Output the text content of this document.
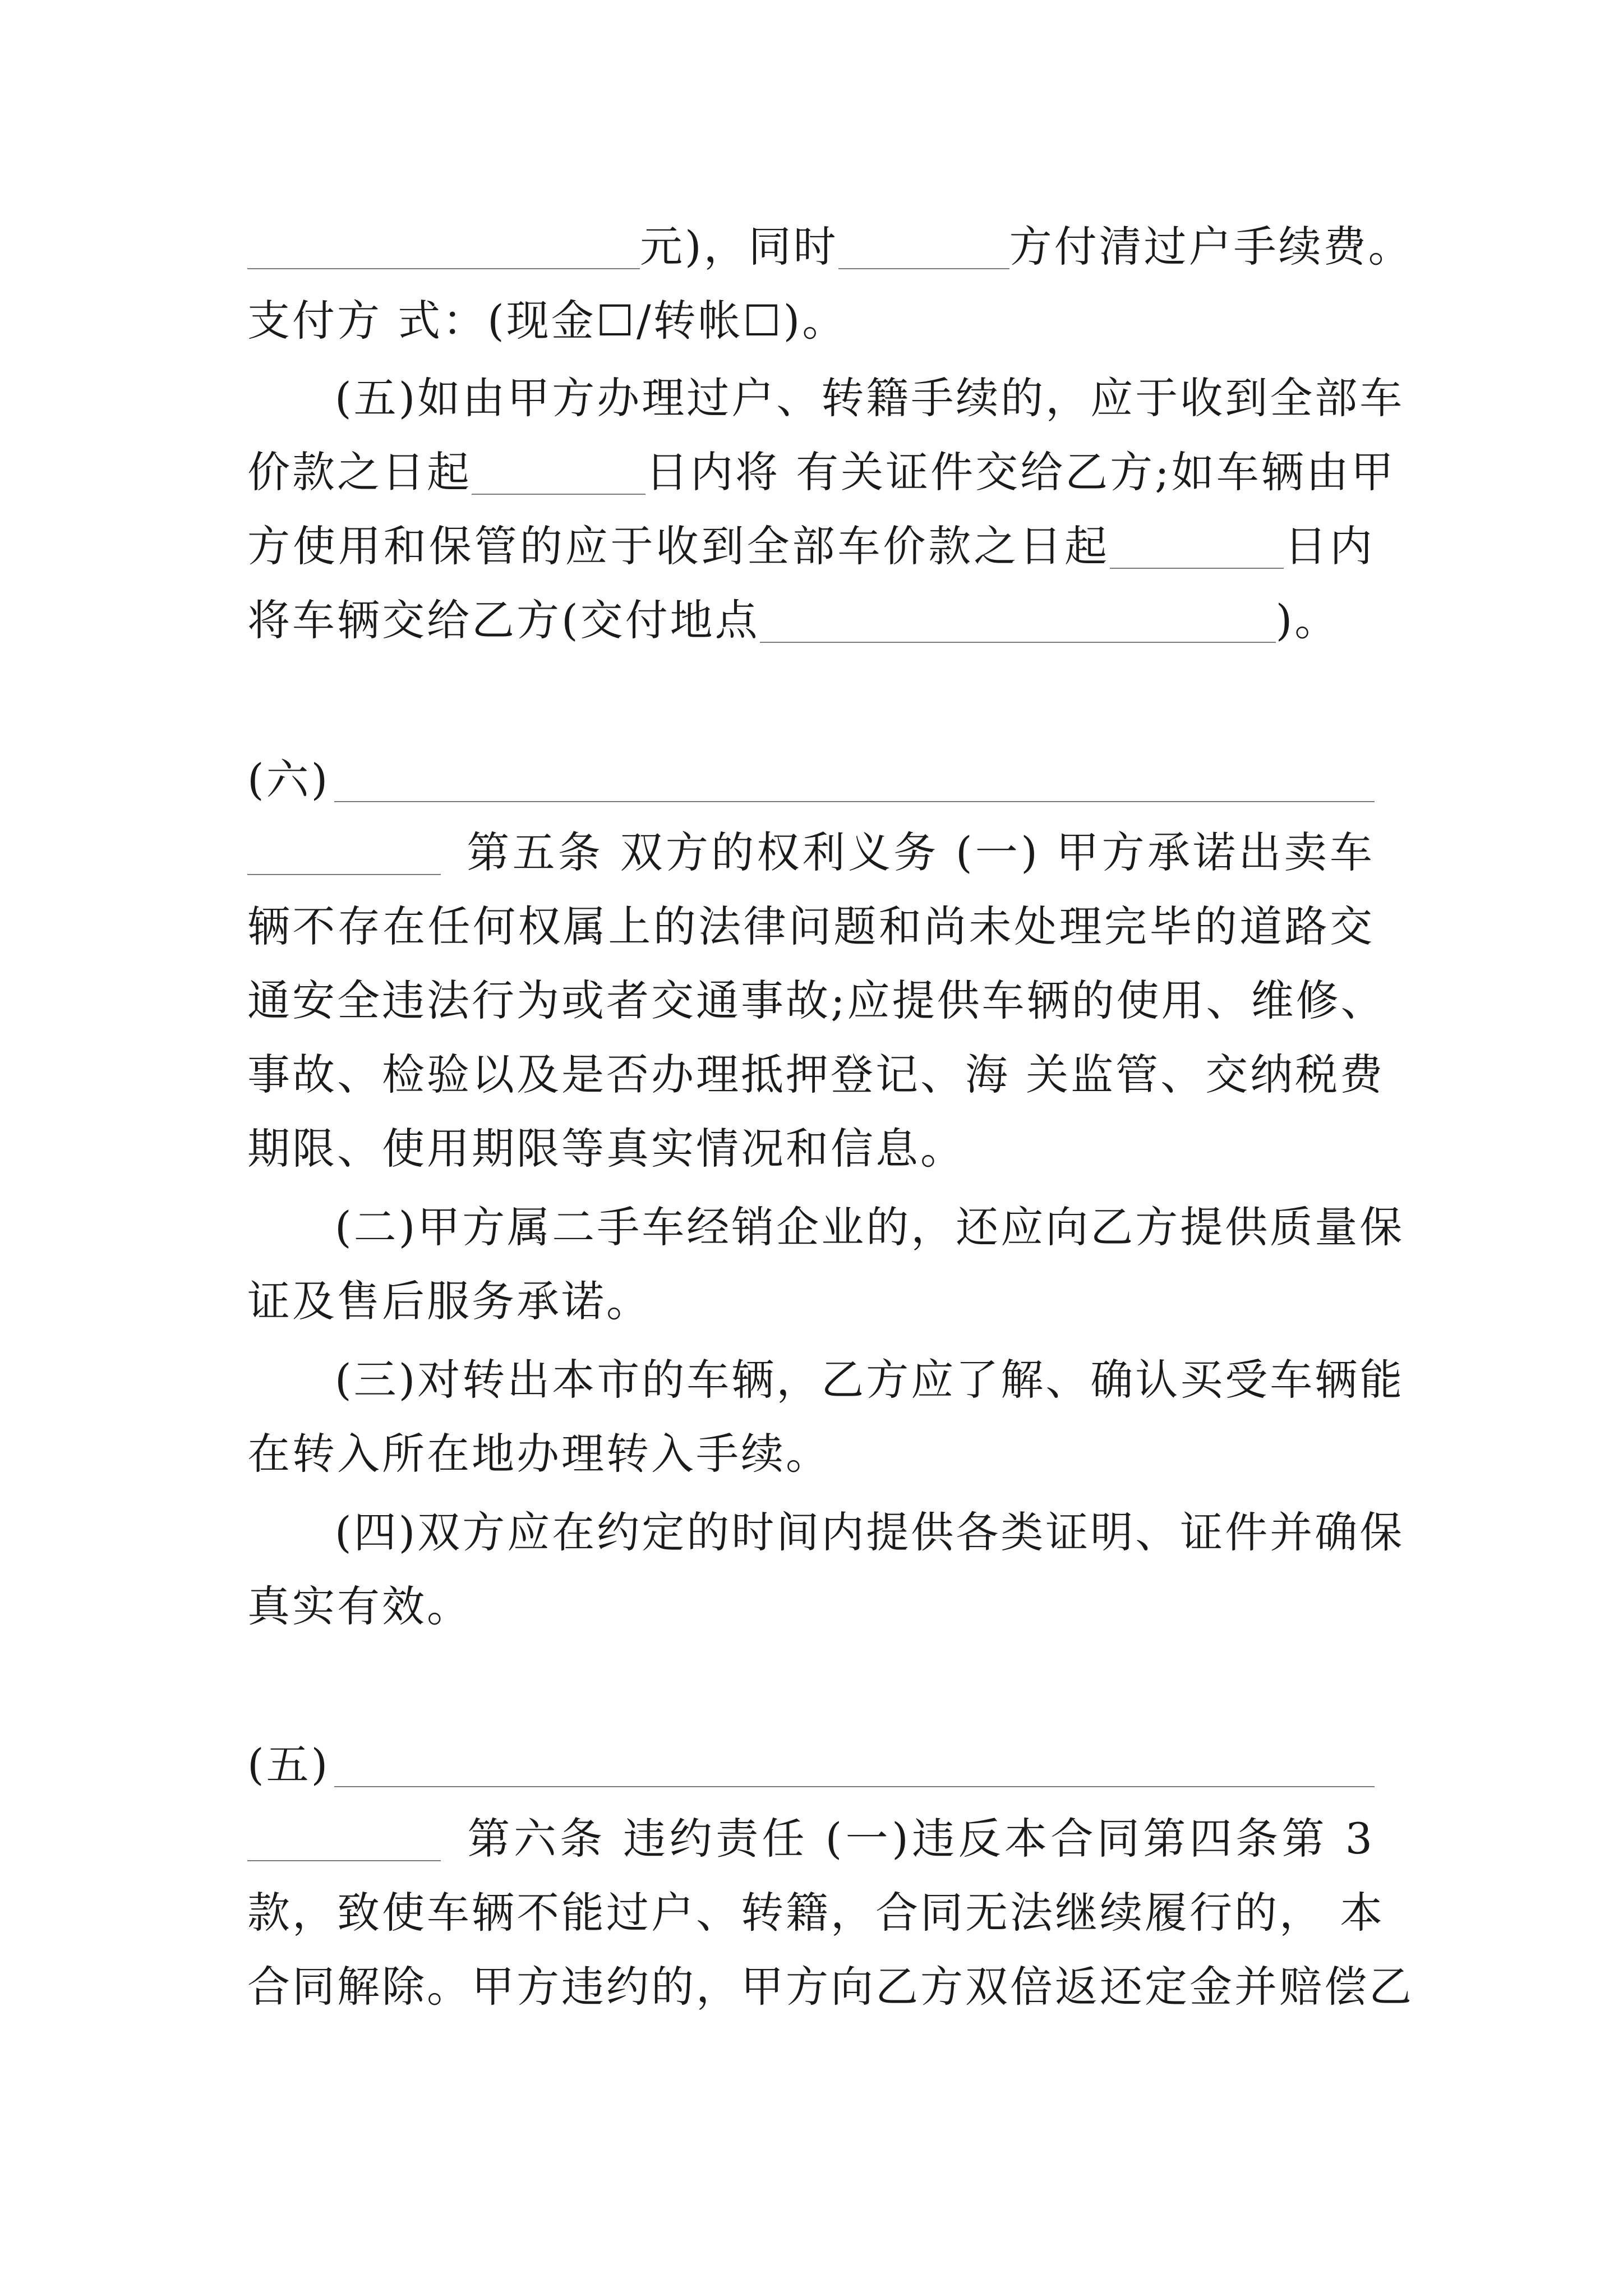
元)，同时	方付清过户手续费。
支付方 式：(现金☐/转帐☐)。
(五)如由甲方办理过户、转籍手续的，应于收到全部车
价款之日起	日内将 有关证件交给乙方;如车辆由甲
方使用和保管的应于收到全部车价款之日起	日内
将车辆交给乙方(交付地点	)。
(六)
第五条 双方的权利义务 (一) 甲方承诺出卖车
辆不存在任何权属上的法律问题和尚未处理完毕的道路交
通安全违法行为或者交通事故;应提供车辆的使用、维修、
事故、检验以及是否办理抵押登记、海 关监管、交纳税费
期限、使用期限等真实情况和信息。
(二)甲方属二手车经销企业的，还应向乙方提供质量保
证及售后服务承诺。
(三)对转出本市的车辆，乙方应了解、确认买受车辆能
在转入所在地办理转入手续。
(四)双方应在约定的时间内提供各类证明、证件并确保
真实有效。
(五)
第六条 违约责任 (一)违反本合同第四条第 3
款，致使车辆不能过户、转籍，合同无法继续履行的， 本
合同解除。甲方违约的，甲方向乙方双倍返还定金并赔偿乙
